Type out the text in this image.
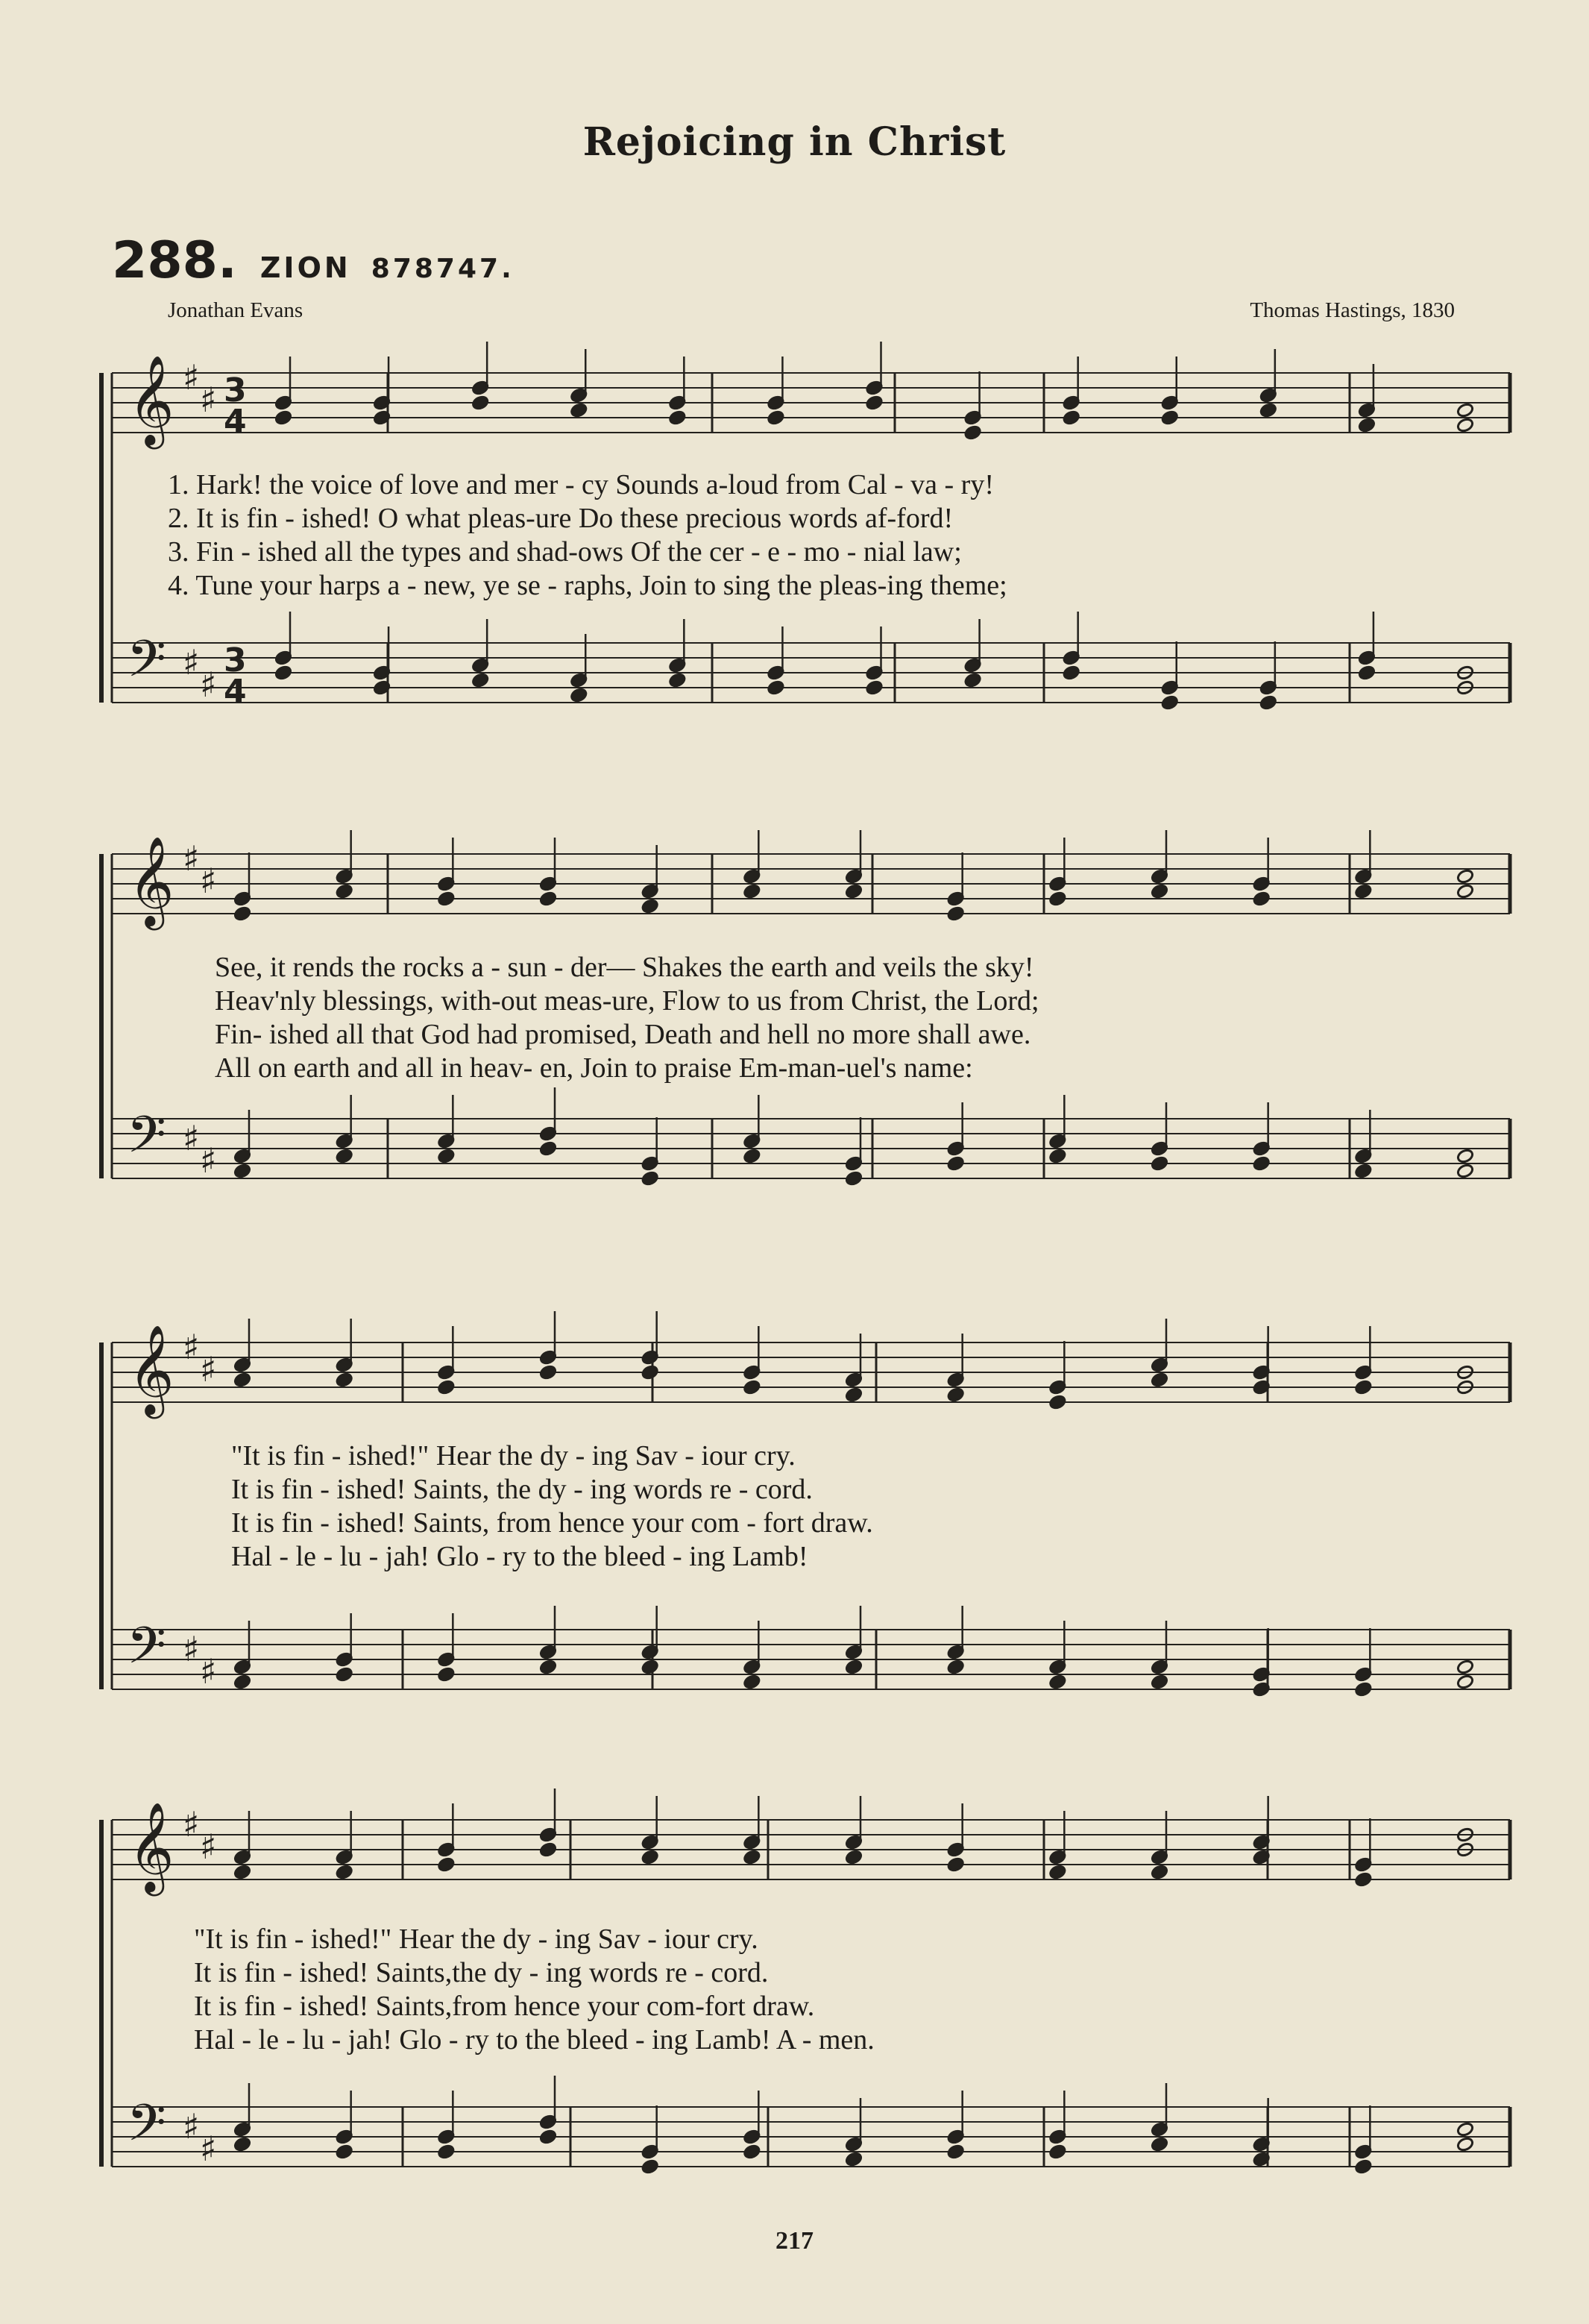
Rejoicing in Christ
288. ZION 878747.
Jonathan Evans	Thomas Hastings, 1830
𝄞 ♯
♯ 3
4
𝄢 ♯
♯
3
4
𝄞 ♯
♯
𝄢 ♯
♯
𝄞 ♯
♯
𝄢 ♯
♯
𝄞 ♯
♯
𝄢 ♯
♯
1. Hark! the voice of love and mer - cy Sounds a-loud from Cal - va - ry!
2. It is fin - ished! O what pleas-ure Do these precious words af-ford!
3. Fin - ished all the types and shad-ows Of the cer - e - mo - nial law;
4. Tune your harps a - new, ye se - raphs, Join to sing the pleas-ing theme;
See, it rends the rocks a - sun - der— Shakes the earth and veils the sky!
Heav'nly blessings, with-out meas-ure, Flow to us from Christ, the Lord;
Fin- ished all that God had promised, Death and hell no more shall awe.
All on earth and all in heav- en, Join to praise Em-man-uel's name:
"It is fin - ished!" Hear the dy - ing Sav - iour cry.
It is fin - ished! Saints, the dy - ing words re - cord.
It is fin - ished! Saints, from hence your com - fort draw.
Hal - le - lu - jah! Glo - ry to the bleed - ing Lamb!
"It is fin - ished!" Hear the dy - ing Sav - iour cry.
It is fin - ished! Saints,the dy - ing words re - cord.
It is fin - ished! Saints,from hence your com-fort draw.
Hal - le - lu - jah! Glo - ry to the bleed - ing Lamb! A - men.
217
